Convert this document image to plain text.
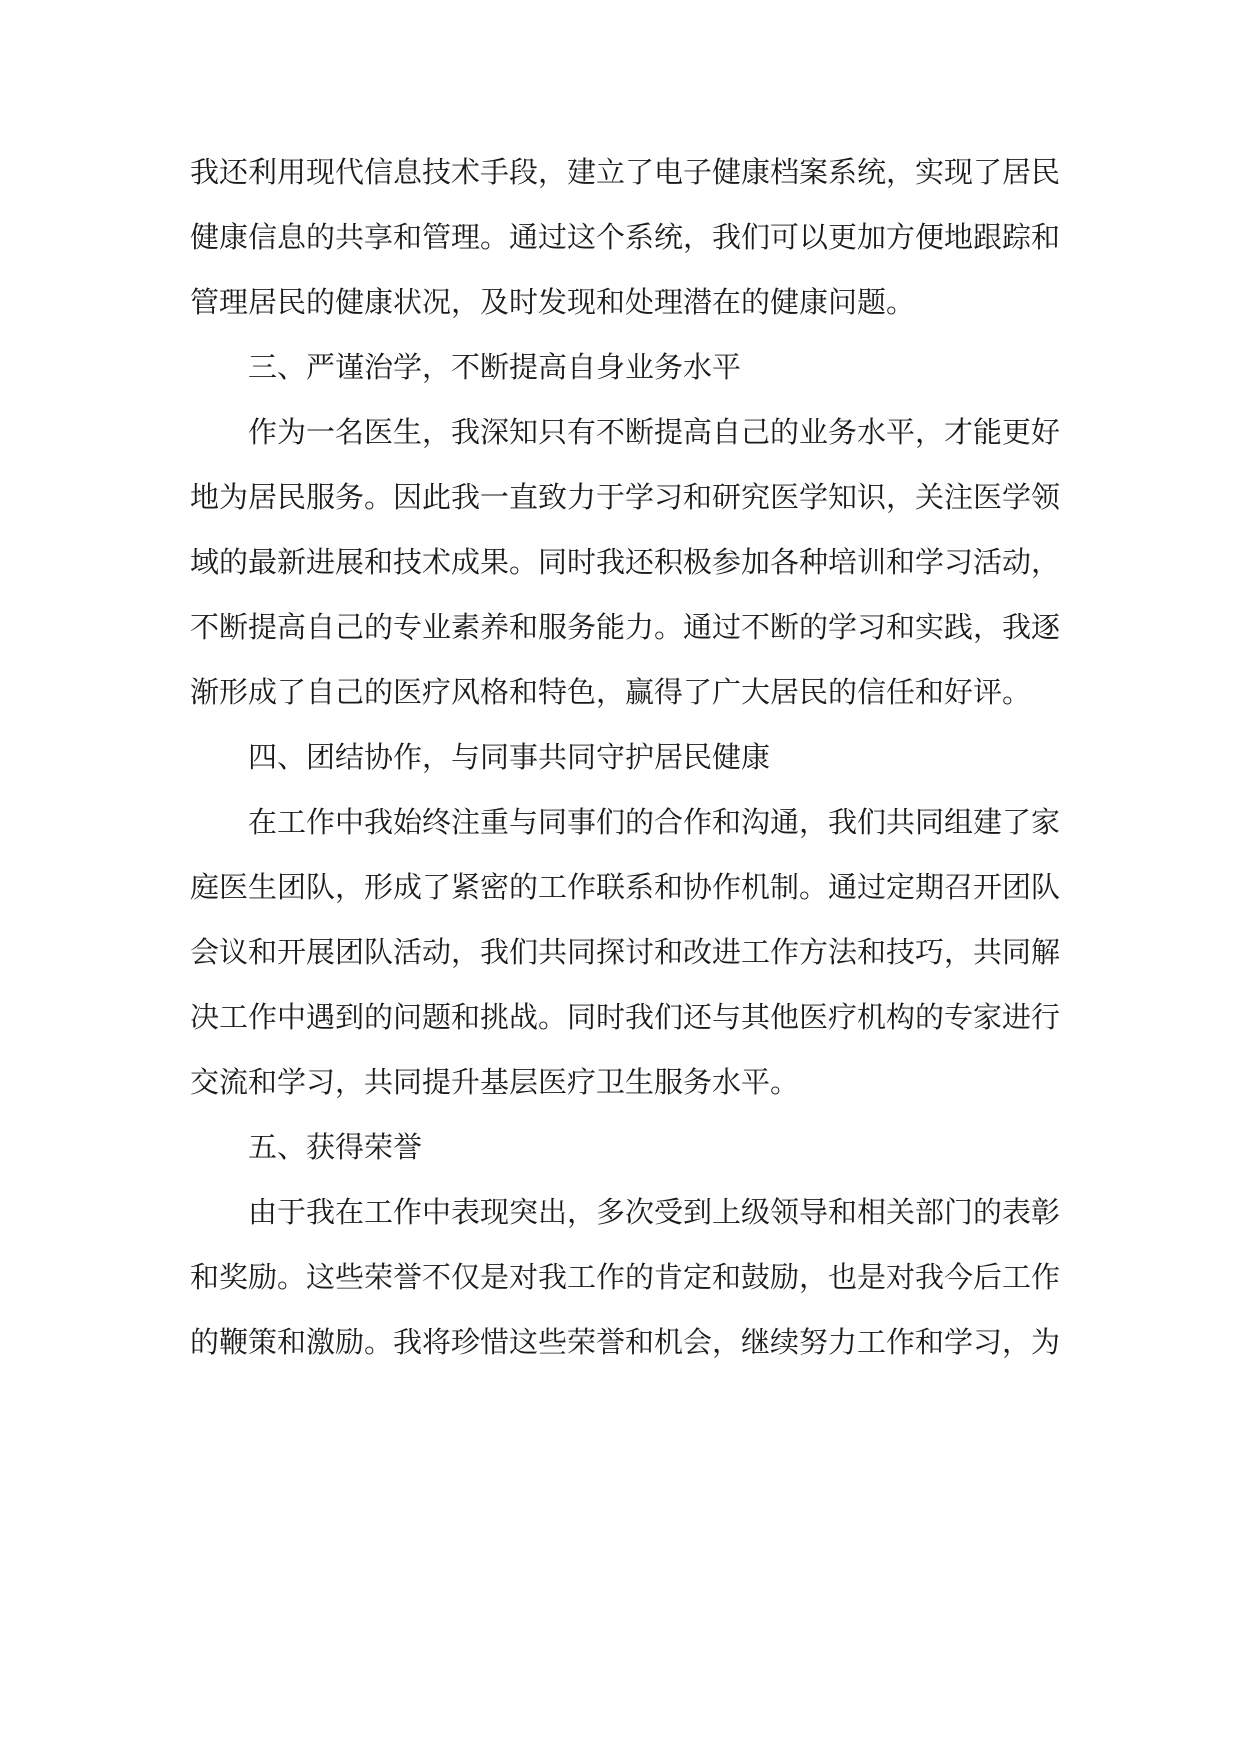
我还利用现代信息技术手段，建立了电子健康档案系统，实现了居民
健康信息的共享和管理。通过这个系统，我们可以更加方便地跟踪和
管理居民的健康状况，及时发现和处理潜在的健康问题。
三、严谨治学，不断提高自身业务水平
作为一名医生，我深知只有不断提高自己的业务水平，才能更好
地为居民服务。因此我一直致力于学习和研究医学知识，关注医学领
域的最新进展和技术成果。同时我还积极参加各种培训和学习活动，
不断提高自己的专业素养和服务能力。通过不断的学习和实践，我逐
渐形成了自己的医疗风格和特色，赢得了广大居民的信任和好评。
四、团结协作，与同事共同守护居民健康
在工作中我始终注重与同事们的合作和沟通，我们共同组建了家
庭医生团队，形成了紧密的工作联系和协作机制。通过定期召开团队
会议和开展团队活动，我们共同探讨和改进工作方法和技巧，共同解
决工作中遇到的问题和挑战。同时我们还与其他医疗机构的专家进行
交流和学习，共同提升基层医疗卫生服务水平。
五、获得荣誉
由于我在工作中表现突出，多次受到上级领导和相关部门的表彰
和奖励。这些荣誉不仅是对我工作的肯定和鼓励，也是对我今后工作
的鞭策和激励。我将珍惜这些荣誉和机会，继续努力工作和学习，为
